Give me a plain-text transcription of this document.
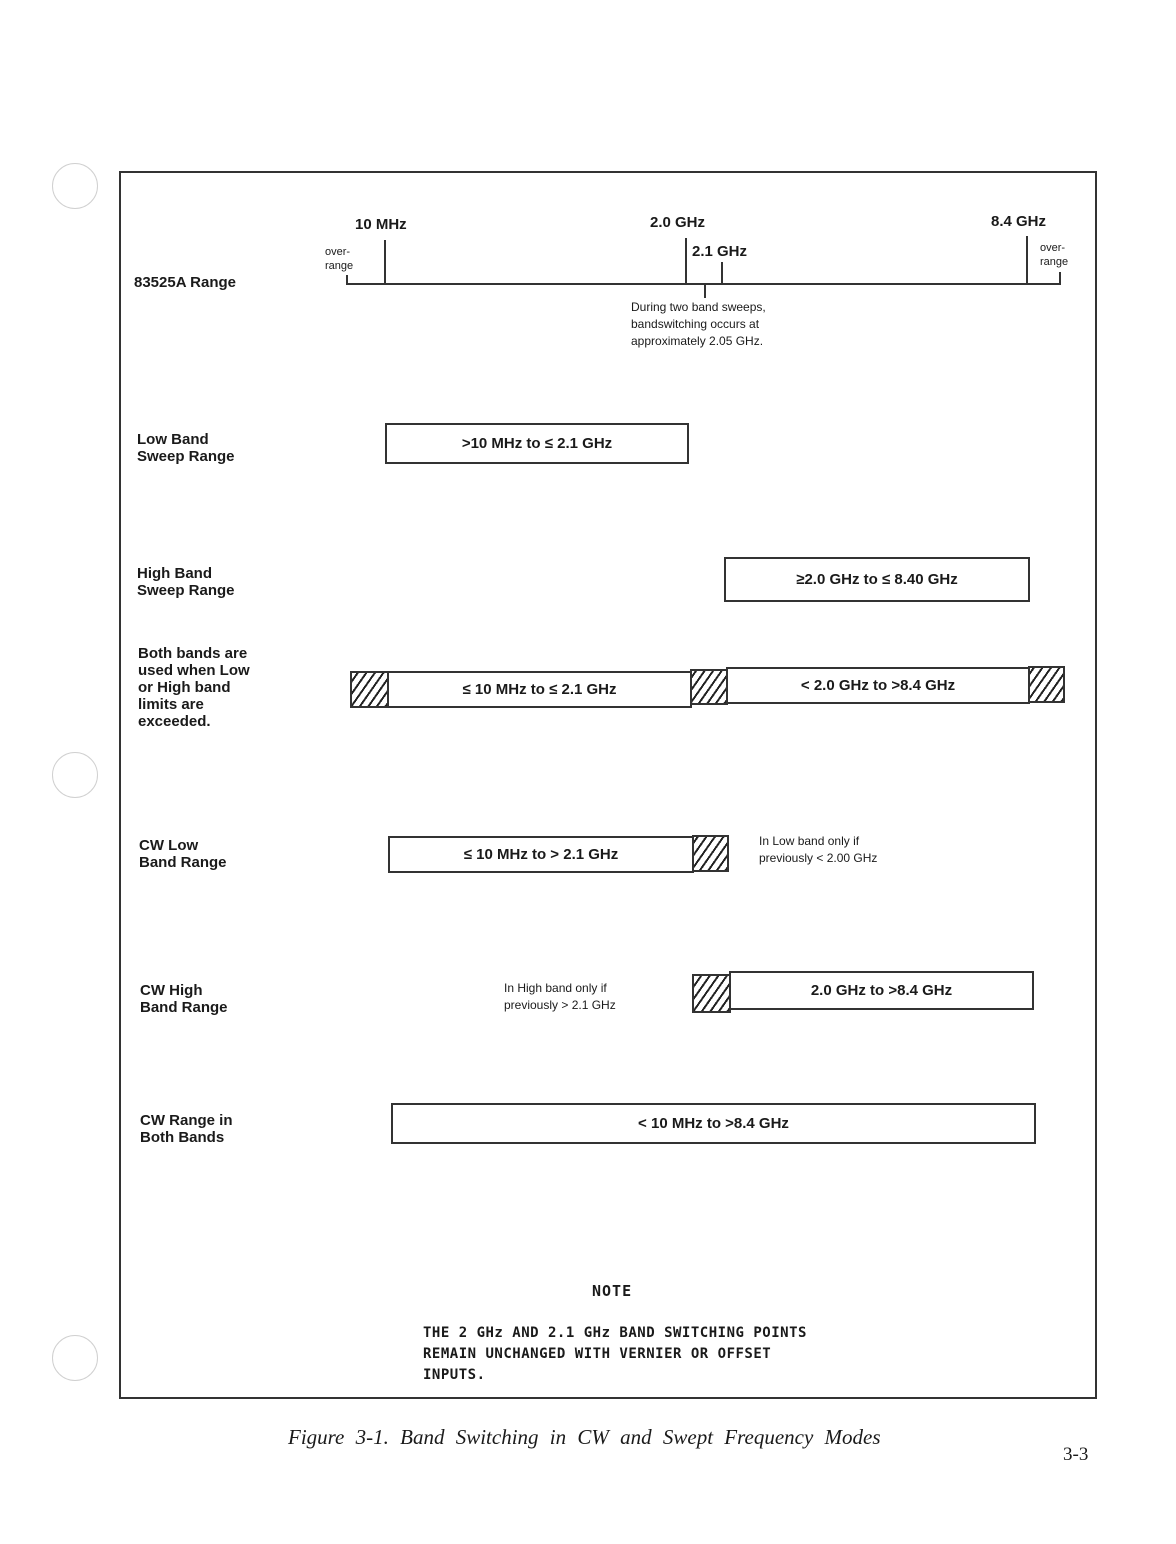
83525A Range
10 MHz	2.0 GHz
2.1 GHz
8.4 GHz
over-
range
over-
range
During two band sweeps,
bandswitching occurs at
approximately 2.05 GHz.
Low Band
Sweep Range
>10 MHz to ≤ 2.1 GHz
High Band
Sweep Range
≥2.0 GHz to ≤ 8.40 GHz
Both bands are
used when Low
or High band
limits are
exceeded.
≤ 10 MHz to ≤ 2.1 GHz	< 2.0 GHz to >8.4 GHz
CW Low
Band Range	≤ 10 MHz to > 2.1 GHz
In Low band only if
previously < 2.00 GHz
CW High
Band Range
In High band only if
previously > 2.1 GHz
2.0 GHz to >8.4 GHz
CW Range in
Both Bands
< 10 MHz to >8.4 GHz
NOTE
THE 2 GHz AND 2.1 GHz BAND SWITCHING POINTS
REMAIN UNCHANGED WITH VERNIER OR OFFSET
INPUTS.
Figure 3-1. Band Switching in CW and Swept Frequency Modes
3-3
